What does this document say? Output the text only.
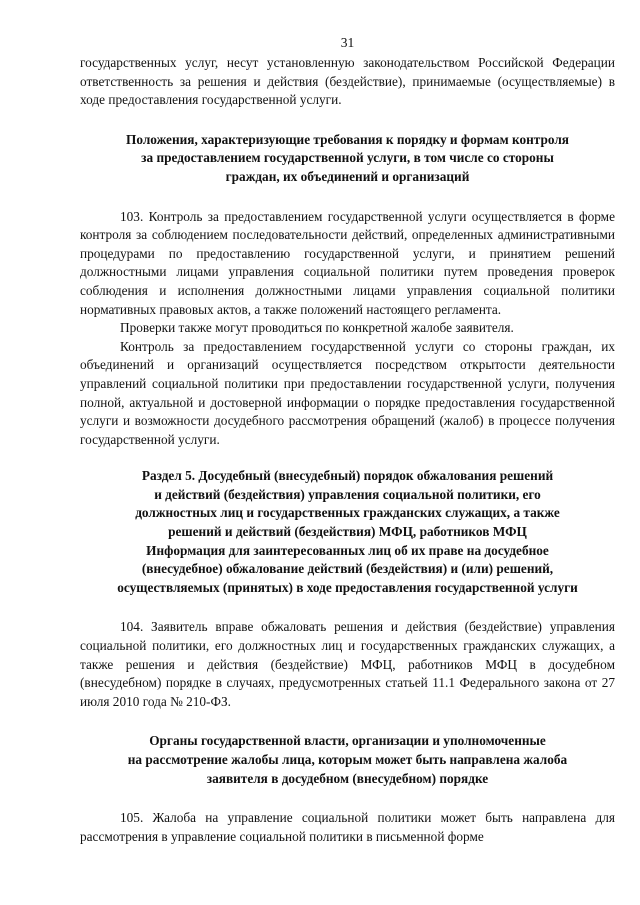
31

государственных услуг, несут установленную законодательством Российской Федерации ответственность за решения и действия (бездействие), принимаемые (осуществляемые) в ходе предоставления государственной услуги.

Положения, характеризующие требования к порядку и формам контроля
за предоставлением государственной услуги, в том числе со стороны
граждан, их объединений и организаций

103. Контроль за предоставлением государственной услуги осуществляется в форме контроля за соблюдением последовательности действий, определенных административными процедурами по предоставлению государственной услуги, и принятием решений должностными лицами управления социальной политики путем проведения проверок соблюдения и исполнения должностными лицами управления социальной политики нормативных правовых актов, а также положений настоящего регламента.

Проверки также могут проводиться по конкретной жалобе заявителя.

Контроль за предоставлением государственной услуги со стороны граждан, их объединений и организаций осуществляется посредством открытости деятельности управлений социальной политики при предоставлении государственной услуги, получения полной, актуальной и достоверной информации о порядке предоставления государственной услуги и возможности досудебного рассмотрения обращений (жалоб) в процессе получения государственной услуги.

Раздел 5. Досудебный (внесудебный) порядок обжалования решений
и действий (бездействия) управления социальной политики, его
должностных лиц и государственных гражданских служащих, а также
решений и действий (бездействия) МФЦ, работников МФЦ
Информация для заинтересованных лиц об их праве на досудебное
(внесудебное) обжалование действий (бездействия) и (или) решений,
осуществляемых (принятых) в ходе предоставления государственной услуги

104. Заявитель вправе обжаловать решения и действия (бездействие) управления социальной политики, его должностных лиц и государственных гражданских служащих, а также решения и действия (бездействие) МФЦ, работников МФЦ в досудебном (внесудебном) порядке в случаях, предусмотренных статьей 11.1 Федерального закона от 27 июля 2010 года № 210-ФЗ.

Органы государственной власти, организации и уполномоченные
на рассмотрение жалобы лица, которым может быть направлена жалоба
заявителя в досудебном (внесудебном) порядке

105. Жалоба на управление социальной политики может быть направлена для рассмотрения в управление социальной политики в письменной форме
